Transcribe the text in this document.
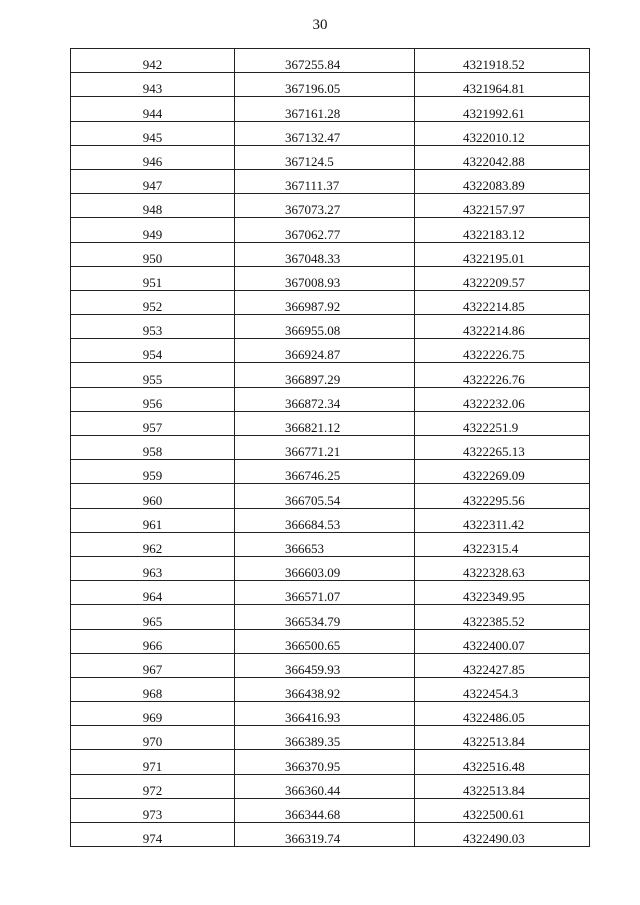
30
942	367255.84	4321918.52
943	367196.05	4321964.81
944	367161.28	4321992.61
945	367132.47	4322010.12
946	367124.5	4322042.88
947	367111.37	4322083.89
948	367073.27	4322157.97
949	367062.77	4322183.12
950	367048.33	4322195.01
951	367008.93	4322209.57
952	366987.92	4322214.85
953	366955.08	4322214.86
954	366924.87	4322226.75
955	366897.29	4322226.76
956	366872.34	4322232.06
957	366821.12	4322251.9
958	366771.21	4322265.13
959	366746.25	4322269.09
960	366705.54	4322295.56
961	366684.53	4322311.42
962	366653	4322315.4
963	366603.09	4322328.63
964	366571.07	4322349.95
965	366534.79	4322385.52
966	366500.65	4322400.07
967	366459.93	4322427.85
968	366438.92	4322454.3
969	366416.93	4322486.05
970	366389.35	4322513.84
971	366370.95	4322516.48
972	366360.44	4322513.84
973	366344.68	4322500.61
974	366319.74	4322490.03
